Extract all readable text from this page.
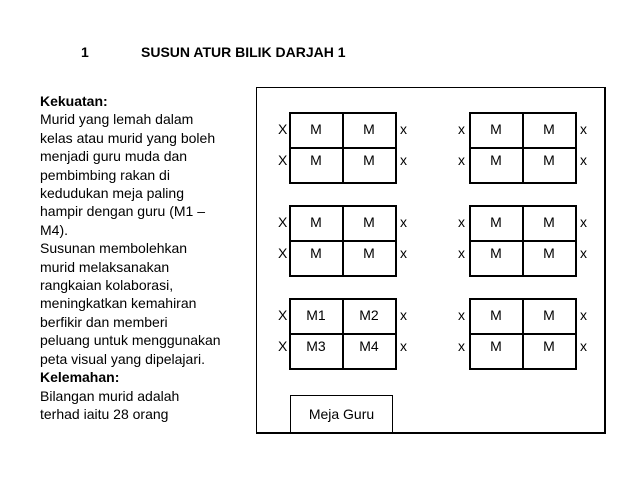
1	SUSUN ATUR BILIK DARJAH 1
Kekuatan:
Murid yang lemah dalam
kelas atau murid yang boleh
menjadi guru muda dan
pembimbing rakan di
kedudukan meja paling
hampir dengan guru (M1 –
M4).
Susunan membolehkan
murid melaksanakan
rangkaian kolaborasi,
meningkatkan kemahiran
berfikir dan memberi
peluang untuk menggunakan
peta visual yang dipelajari.
Kelemahan:
Bilangan murid adalah
terhad iaitu 28 orang
M	M
M	M
X
X
x
x
M	M
M	M
x
x
x
x
M	M
M	M
X
X
x
x
M	M
M	M
x
x
x
x
M1	M2
M3	M4
X
X
x
x
M	M
M	M
x
x
x
x
Meja Guru
